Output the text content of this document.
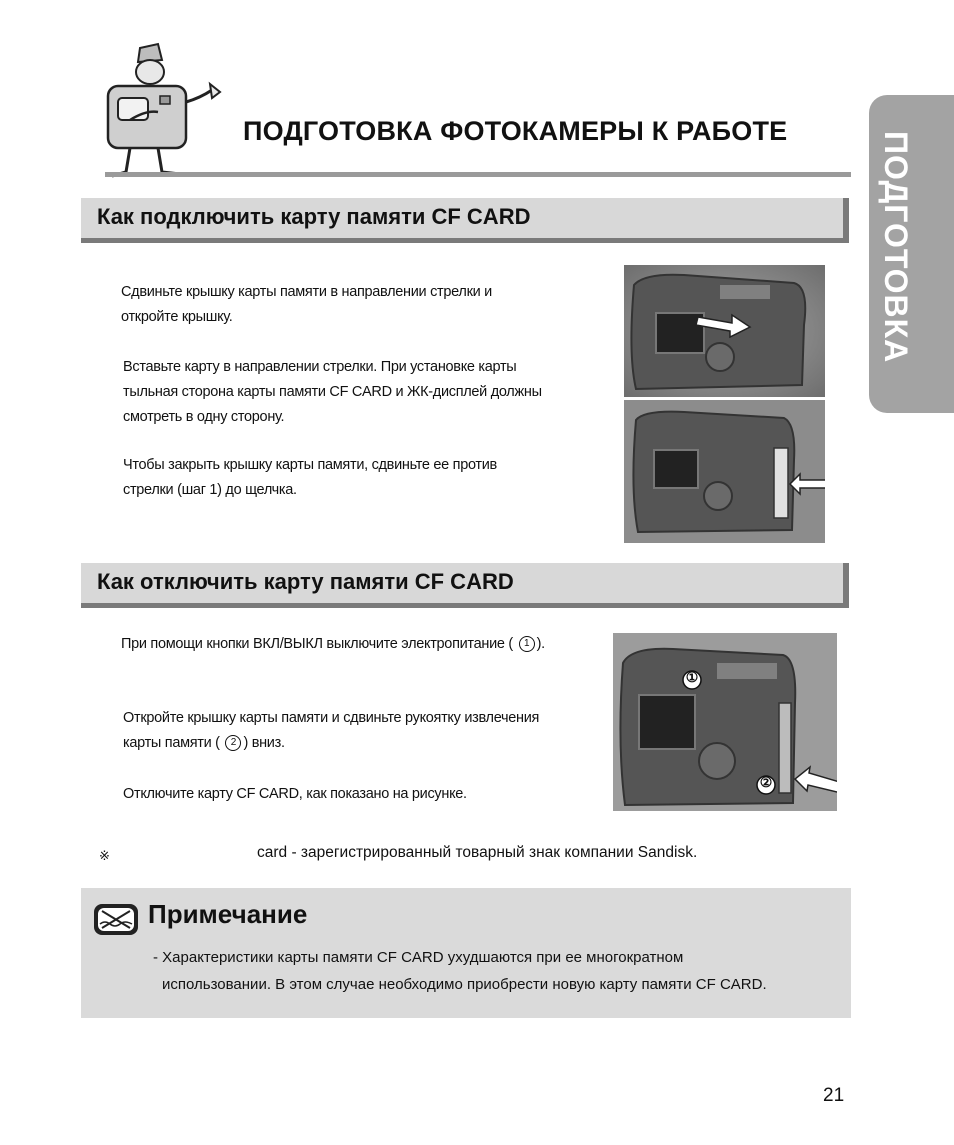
ПОДГОТОВКА ФОТОКАМЕРЫ К РАБОТЕ	ПОДГОТОВКА
Как подключить карту памяти CF CARD
Сдвиньте крышку карты памяти в направлении стрелки и
откройте крышку.
Вставьте карту в направлении стрелки. При установке карты
тыльная сторона карты памяти CF CARD и ЖК-дисплей должны
смотреть в одну сторону.
Чтобы закрыть крышку карты памяти, сдвиньте ее против
стрелки (шаг 1) до щелчка.
Как отключить карту памяти CF CARD
При помощи кнопки ВКЛ/ВЫКЛ выключите электропитание ( 1 ).
Откройте крышку карты памяти и сдвиньте рукоятку извлечения
карты памяти ( 2 ) вниз.
Отключите карту CF CARD, как показано на рисунке.
①
②
※	card - зарегистрированный товарный знак компании Sandisk.
Примечание
- Характеристики карты памяти CF CARD ухудшаются при ее многократном
использовании. В этом случае необходимо приобрести новую карту памяти CF CARD.
21
